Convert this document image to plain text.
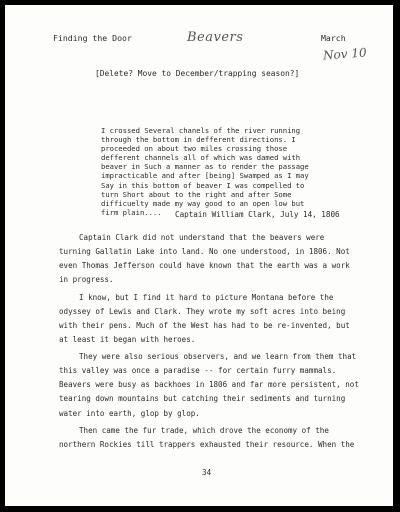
Finding the Door	Beavers	March
Nov 10
[Delete? Move to December/trapping season?]
I crossed Several chanels of the river running
through the bottom in defferent directions. I
proceeded on about two miles crossing those
defferent channels all of which was damed with
beaver in Such a manner as to render the passage
impracticable and after [being] Swamped as I may
Say in this bottom of beaver I was compelled to
turn Short about to the right and after Some
difficuelty made my way good to an open low but
firm plain....	Captain William Clark, July 14, 1806

Captain Clark did not understand that the beavers were turning Gallatin Lake into land. No one understood, in 1806. Not even Thomas Jefferson could have known that the earth was a work in progress.

I know, but I find it hard to picture Montana before the odyssey of Lewis and Clark. They wrote my soft acres into being with their pens. Much of the West has had to be re-invented, but at least it began with heroes.

They were also serious observers, and we learn from them that this valley was once a paradise -- for certain furry mammals. Beavers were busy as backhoes in 1806 and far more persistent, not tearing down mountains but catching their sediments and turning water into earth, glop by glop.

Then came the fur trade, which drove the economy of the northern Rockies till trappers exhausted their resource. When the

34
